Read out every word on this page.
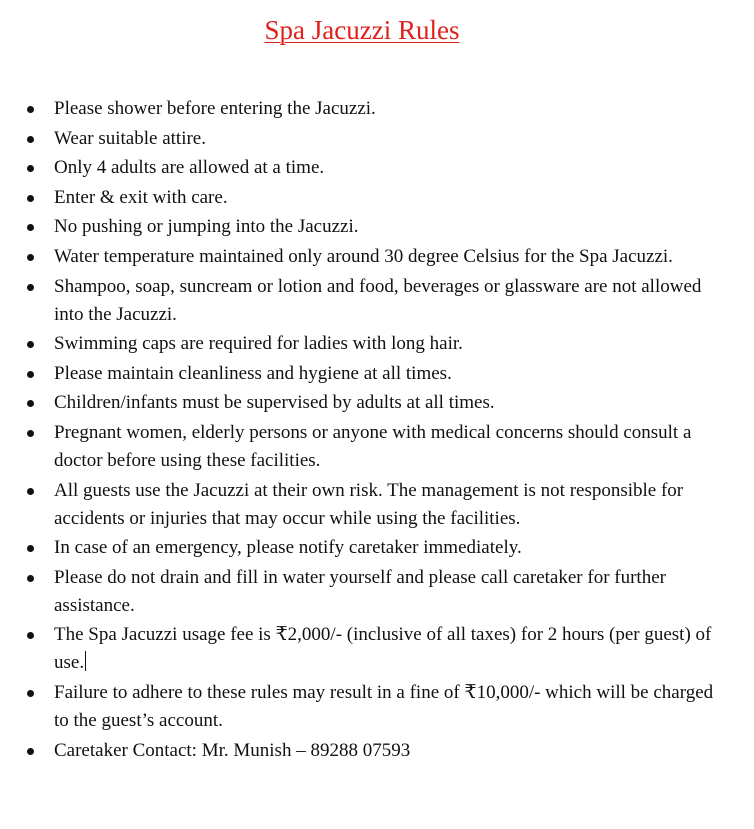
Spa Jacuzzi Rules
Please shower before entering the Jacuzzi.
Wear suitable attire.
Only 4 adults are allowed at a time.
Enter & exit with care.
No pushing or jumping into the Jacuzzi.
Water temperature maintained only around 30 degree Celsius for the Spa Jacuzzi.
Shampoo, soap, suncream or lotion and food, beverages or glassware are not allowed into the Jacuzzi.
Swimming caps are required for ladies with long hair.
Please maintain cleanliness and hygiene at all times.
Children/infants must be supervised by adults at all times.
Pregnant women, elderly persons or anyone with medical concerns should consult a doctor before using these facilities.
All guests use the Jacuzzi at their own risk. The management is not responsible for accidents or injuries that may occur while using the facilities.
In case of an emergency, please notify caretaker immediately.
Please do not drain and fill in water yourself and please call caretaker for further assistance.
The Spa Jacuzzi usage fee is ₹2,000/- (inclusive of all taxes) for 2 hours (per guest) of use.
Failure to adhere to these rules may result in a fine of ₹10,000/- which will be charged to the guest’s account.
Caretaker Contact: Mr. Munish – 89288 07593
